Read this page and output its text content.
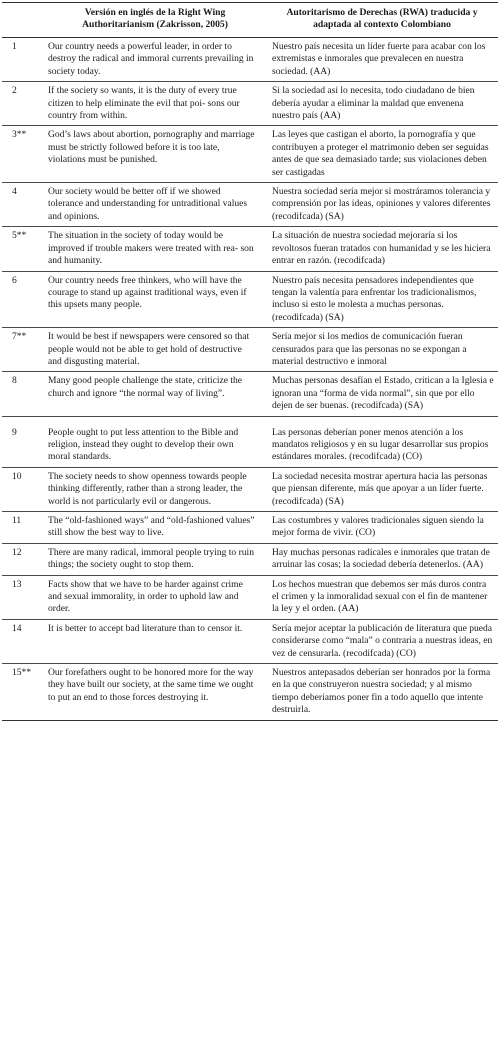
	Versión en inglés de la Right Wing Authoritarianism (Zakrisson, 2005)	Autoritarismo de Derechas (RWA) traducida y adaptada al contexto Colombiano
1	Our country needs a powerful leader, in order to destroy the radical and immoral currents prevailing in society today.	Nuestro país necesita un líder fuerte para acabar con los extremistas e inmorales que prevalecen en nuestra sociedad. (AA)
2	If the society so wants, it is the duty of every true citizen to help eliminate the evil that poi- sons our country from within.	Si la sociedad así lo necesita, todo ciudadano de bien debería ayudar a eliminar la maldad que envenena nuestro país (AA)
3**	God’s laws about abortion, pornography and marriage must be strictly followed before it is too late, violations must be punished.	Las leyes que castigan el aborto, la pornografía y que contribuyen a proteger el matrimonio deben ser seguidas antes de que sea demasiado tarde; sus violaciones deben ser castigadas
4	Our society would be better off if we showed tolerance and understanding for untraditional values and opinions.	Nuestra sociedad sería mejor si mostráramos tolerancia y comprensión por las ideas, opiniones y valores diferentes (recodifcada) (SA)
5**	The situation in the society of today would be improved if trouble makers were treated with rea- son and humanity.	La situación de nuestra sociedad mejoraría si los revoltosos fueran tratados con humanidad y se les hiciera entrar en razón. (recodifcada)
6	Our country needs free thinkers, who will have the courage to stand up against traditional ways, even if this upsets many people.	Nuestro país necesita pensadores independientes que tengan la valentía para enfrentar los tradicionalismos, incluso si esto le molesta a muchas personas. (recodifcada) (SA)
7**	It would be best if newspapers were censored so that people would not be able to get hold of destructive and disgusting material.	Sería mejor si los medios de comunicación fueran censurados para que las personas no se expongan a material destructivo e inmoral
8	Many good people challenge the state, criticize the church and ignore “the normal way of living”.	Muchas personas desafían el Estado, critican a la Iglesia e ignoran una “forma de vida normal”, sin que por ello dejen de ser buenas. (recodifcada) (SA)
9	People ought to put less attention to the Bible and religion, instead they ought to develop their own moral standards.	Las personas deberían poner menos atención a los mandatos religiosos y en su lugar desarrollar sus propios estándares morales. (recodifcada) (CO)
10	The society needs to show openness towards people thinking differently, rather than a strong leader, the world is not particularly evil or dangerous.	La sociedad necesita mostrar apertura hacia las personas que piensan diferente, más que apoyar a un líder fuerte. (recodifcada) (SA)
11	The “old-fashioned ways” and “old-fashioned values” still show the best way to live.	Las costumbres y valores tradicionales siguen siendo la mejor forma de vivir. (CO)
12	There are many radical, immoral people trying to ruin things; the society ought to stop them.	Hay muchas personas radicales e inmorales que tratan de arruinar las cosas; la sociedad debería detenerlos. (AA)
13	Facts show that we have to be harder against crime and sexual immorality, in order to uphold law and order.	Los hechos muestran que debemos ser más duros contra el crimen y la inmoralidad sexual con el fin de mantener la ley y el orden. (AA)
14	It is better to accept bad literature than to censor it.	Sería mejor aceptar la publicación de literatura que pueda considerarse como “mala” o contraria a nuestras ideas, en vez de censurarla. (recodifcada) (CO)
15**	Our forefathers ought to be honored more for the way they have built our society, at the same time we ought to put an end to those forces destroying it.	Nuestros antepasados deberían ser honrados por la forma en la que construyeron nuestra sociedad; y al mismo tiempo deberíamos poner fin a todo aquello que intente destruirla.
